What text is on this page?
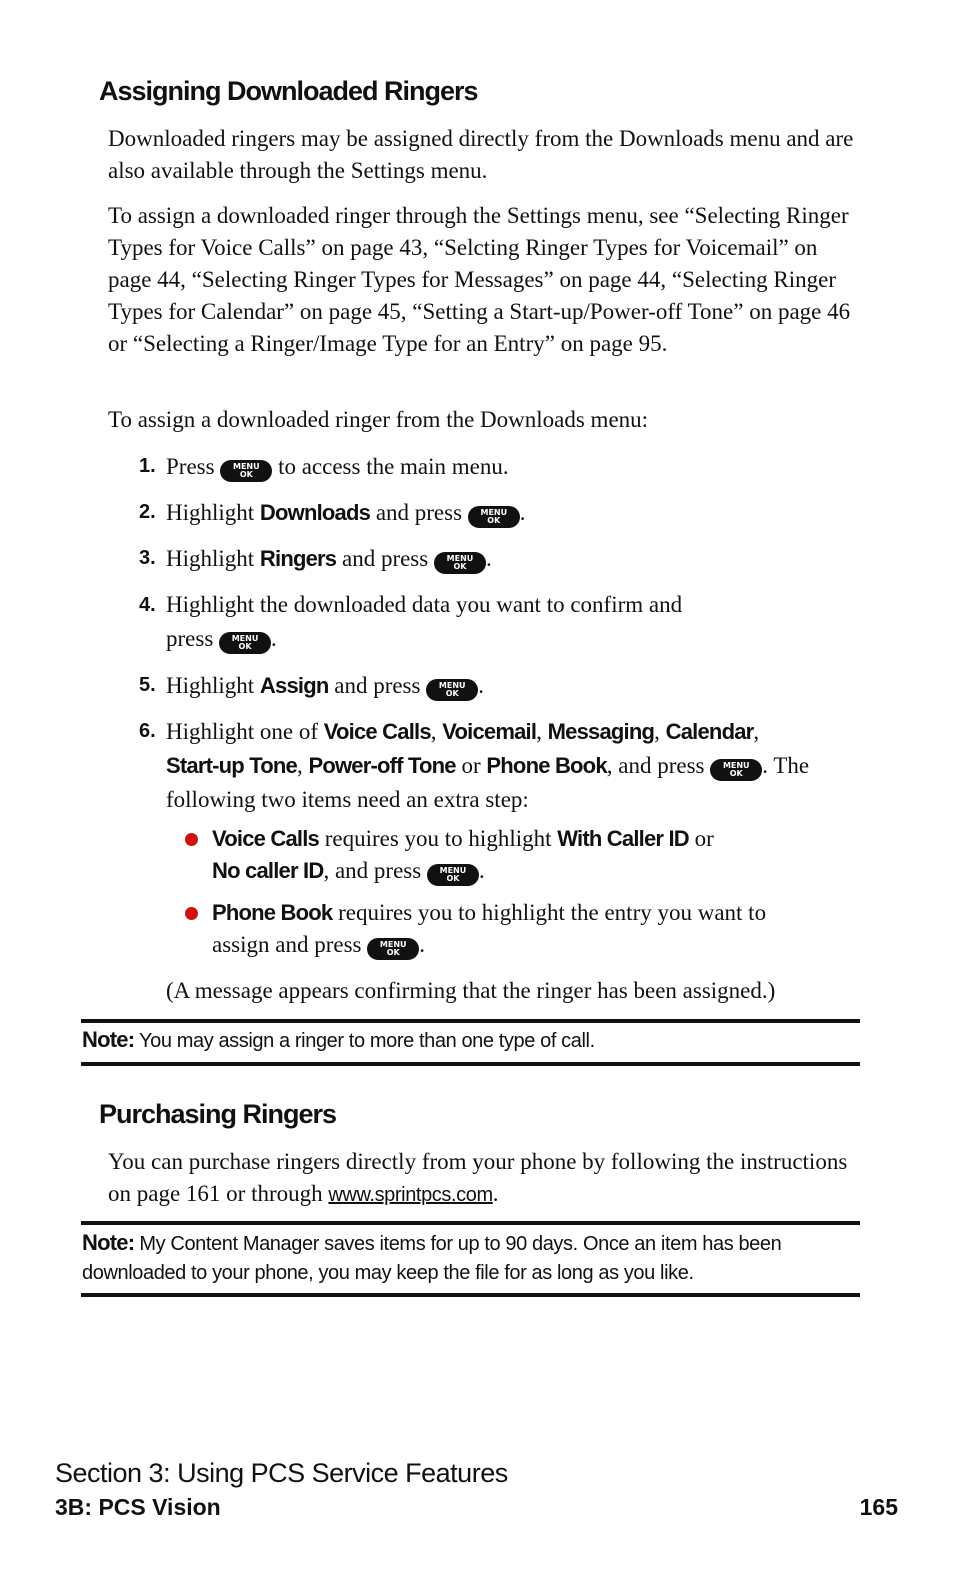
Assigning Downloaded Ringers

Downloaded ringers may be assigned directly from the Downloads menu and are also available through the Settings menu.

To assign a downloaded ringer through the Settings menu, see “Selecting Ringer Types for Voice Calls” on page 43, “Selcting Ringer Types for Voicemail” on page 44, “Selecting Ringer Types for Messages” on page 44, “Selecting Ringer Types for Calendar” on page 45, “Setting a Start-up/Power-off Tone” on page 46 or “Selecting a Ringer/Image Type for an Entry” on page 95.

To assign a downloaded ringer from the Downloads menu:

1. Press MENU
OK to access the main menu.

2. Highlight Downloads and press MENU
OK .

3. Highlight Ringers and press MENU
OK .

4. Highlight the downloaded data you want to confirm and
press MENU
OK .

5. Highlight Assign and press MENU
OK .

6. Highlight one of Voice Calls, Voicemail, Messaging, Calendar,
Start-up Tone, Power-off Tone or Phone Book, and press MENU
OK . The
following two items need an extra step:

Voice Calls requires you to highlight With Caller ID or
No caller ID, and press MENU
OK .

Phone Book requires you to highlight the entry you want to
assign and press MENU
OK .

(A message appears confirming that the ringer has been assigned.)

Note: You may assign a ringer to more than one type of call.

Purchasing Ringers

You can purchase ringers directly from your phone by following the instructions on page 161 or through www.sprintpcs.com.

Note: My Content Manager saves items for up to 90 days. Once an item has been downloaded to your phone, you may keep the file for as long as you like.

Section 3: Using PCS Service Features
3B: PCS Vision	165
